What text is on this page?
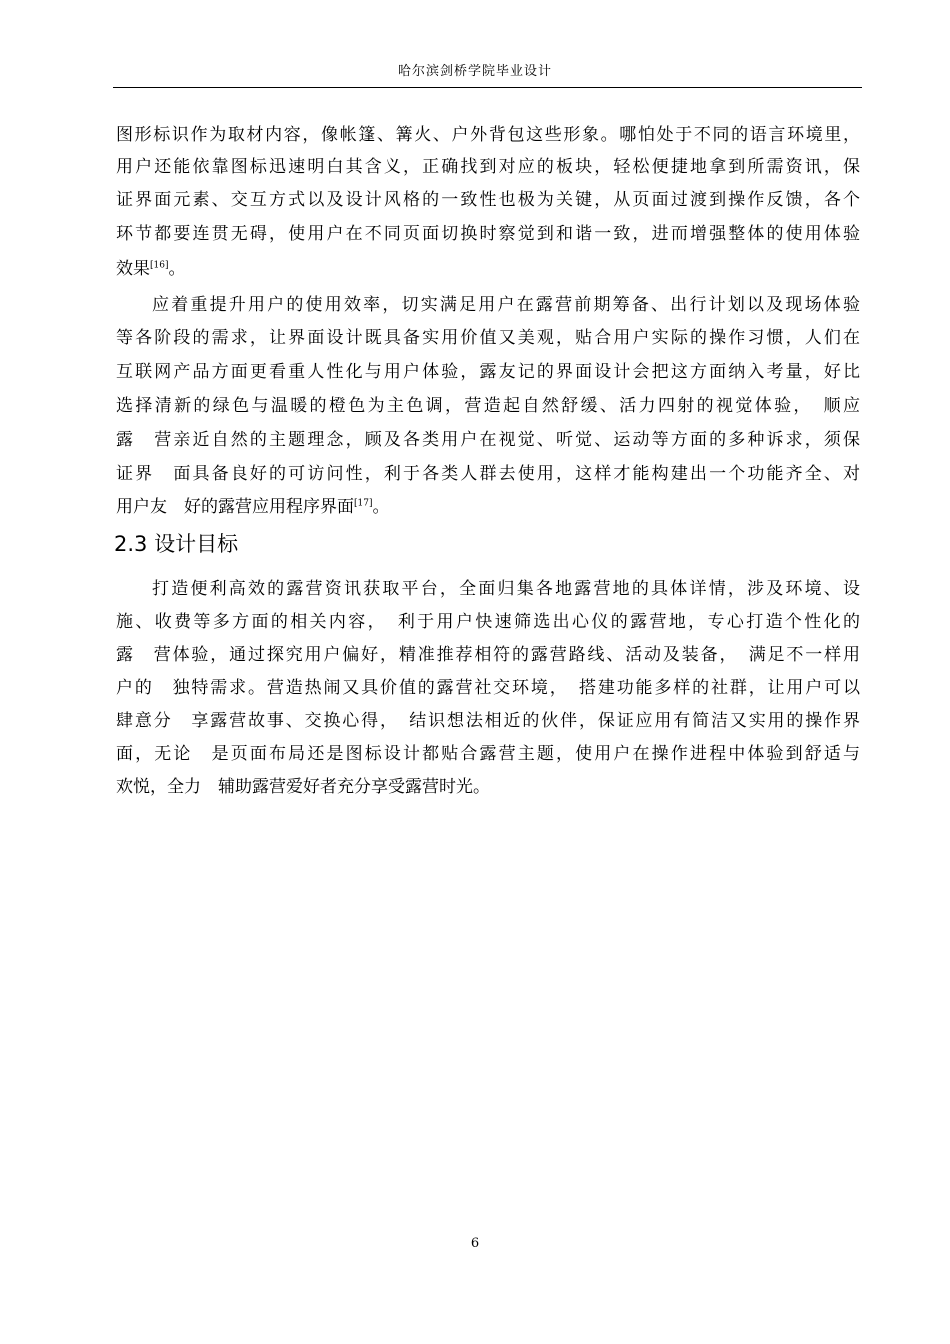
哈尔滨剑桥学院毕业设计
图形标识作为取材内容，像帐篷、篝火、户外背包这些形象。哪怕处于不同的语言环境里，
用户还能依靠图标迅速明白其含义，正确找到对应的板块，轻松便捷地拿到所需资讯，保
证界面元素、交互方式以及设计风格的一致性也极为关键，从页面过渡到操作反馈，各个
环节都要连贯无碍，使用户在不同页面切换时察觉到和谐一致，进而增强整体的使用体验
效果[16]。
应着重提升用户的使用效率，切实满足用户在露营前期筹备、出行计划以及现场体验
等各阶段的需求，让界面设计既具备实用价值又美观，贴合用户实际的操作习惯，人们在
互联网产品方面更看重人性化与用户体验，露友记的界面设计会把这方面纳入考量，好比
选择清新的绿色与温暖的橙色为主色调，营造起自然舒缓、活力四射的视觉体验，　顺应
露　营亲近自然的主题理念，顾及各类用户在视觉、听觉、运动等方面的多种诉求，须保
证界　面具备良好的可访问性，利于各类人群去使用，这样才能构建出一个功能齐全、对
用户友　好的露营应用程序界面[17]。
2.3 设计目标
打造便利高效的露营资讯获取平台，全面归集各地露营地的具体详情，涉及环境、设
施、收费等多方面的相关内容，　利于用户快速筛选出心仪的露营地，专心打造个性化的
露　营体验，通过探究用户偏好，精准推荐相符的露营路线、活动及装备，　满足不一样用
户的　独特需求。营造热闹又具价值的露营社交环境，　搭建功能多样的社群，让用户可以
肆意分　享露营故事、交换心得，　结识想法相近的伙伴，保证应用有简洁又实用的操作界
面，无论　是页面布局还是图标设计都贴合露营主题，使用户在操作进程中体验到舒适与
欢悦，全力　辅助露营爱好者充分享受露营时光。
6
